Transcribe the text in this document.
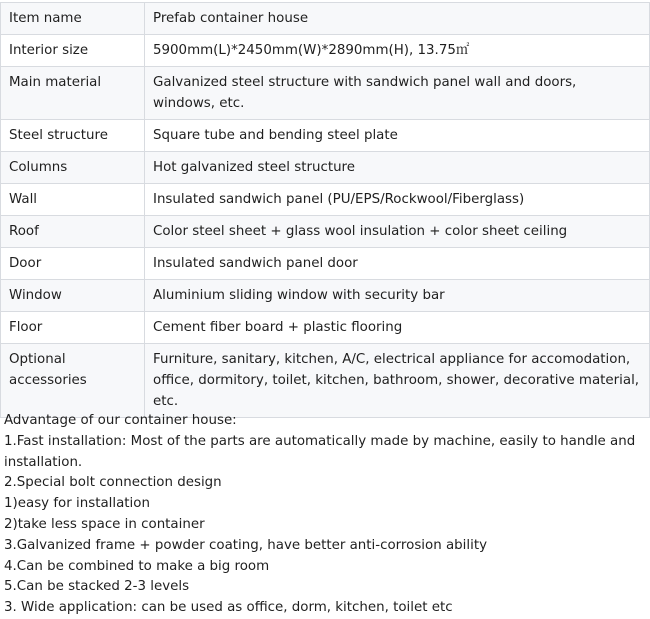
Item name	Prefab container house
Interior size	5900mm(L)*2450mm(W)*2890mm(H), 13.75㎡
Main material	Galvanized steel structure with sandwich panel wall and doors, windows, etc.
Steel structure	Square tube and bending steel plate
Columns	Hot galvanized steel structure
Wall	Insulated sandwich panel (PU/EPS/Rockwool/Fiberglass)
Roof	Color steel sheet + glass wool insulation + color sheet ceiling
Door	Insulated sandwich panel door
Window	Aluminium sliding window with security bar
Floor	Cement fiber board + plastic flooring
Optional accessories	Furniture, sanitary, kitchen, A/C, electrical appliance for accomodation, office, dormitory, toilet, kitchen, bathroom, shower, decorative material, etc.
Advantage of our container house:
1.Fast installation: Most of the parts are automatically made by machine, easily to handle and installation.
2.Special bolt connection design
1)easy for installation
2)take less space in container
3.Galvanized frame + powder coating, have better anti-corrosion ability
4.Can be combined to make a big room
5.Can be stacked 2-3 levels
3. Wide application: can be used as office, dorm, kitchen, toilet etc
